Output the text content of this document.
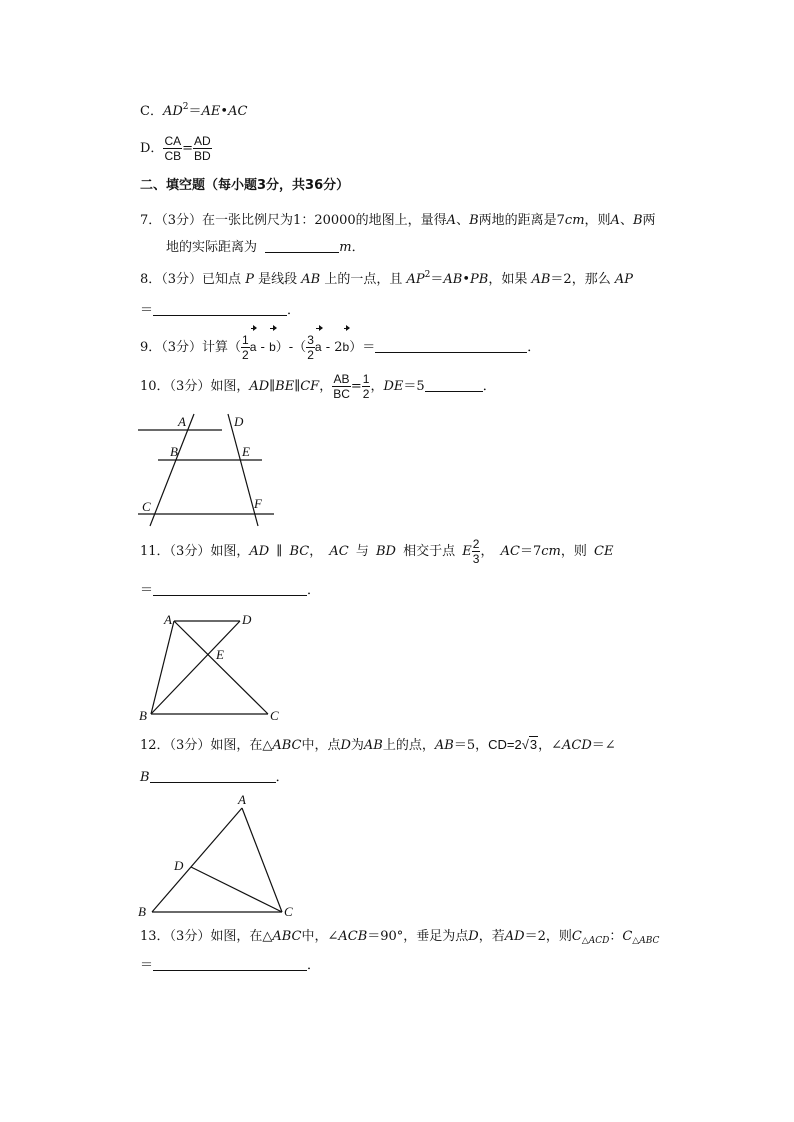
C．$AD^2=AE•AC$
D． $\frac{CA}{CB} = \frac{AD}{BD}$
二、填空题（每小题3分，共36分）
7．（3分）在一张比例尺为1：20000的地图上，量得A、B两地的距离是7cm，则A、B两
地的实际距离为	m．
8．（3分）已知点 P 是线段 AB 上的一点，且 $AP^2=AB•PB$，如果 AB＝2，那么 AP
＝	．
9．（3分）计算（ $\frac{1}{2}$ a - $b)-( \frac{3}{2}$ a - 2b）＝	．
10．（3分）如图，AD∥BE∥CF， $\frac{AB}{BC} = \frac{1}{2}$ ，DE＝5	．
A	D
B	E
C	F
11．（3分）如图，AD ∥ BC， AC 与 BD 相交于点 E $\frac{2}{3}$ ， AC＝7cm，则 CE
＝	．
A	D
E
B	C
12．（3分）如图，在△ABC中，点D为AB上的点，AB＝5，CD=2√3，∠ACD＝∠
B	．
A
D
B	C
13．（3分）如图，在△ABC中，∠ACB＝90°，垂足为点D，若AD＝2，则$C_{\triangle ACD}$：$C_{\triangle ABC}$
＝	．
